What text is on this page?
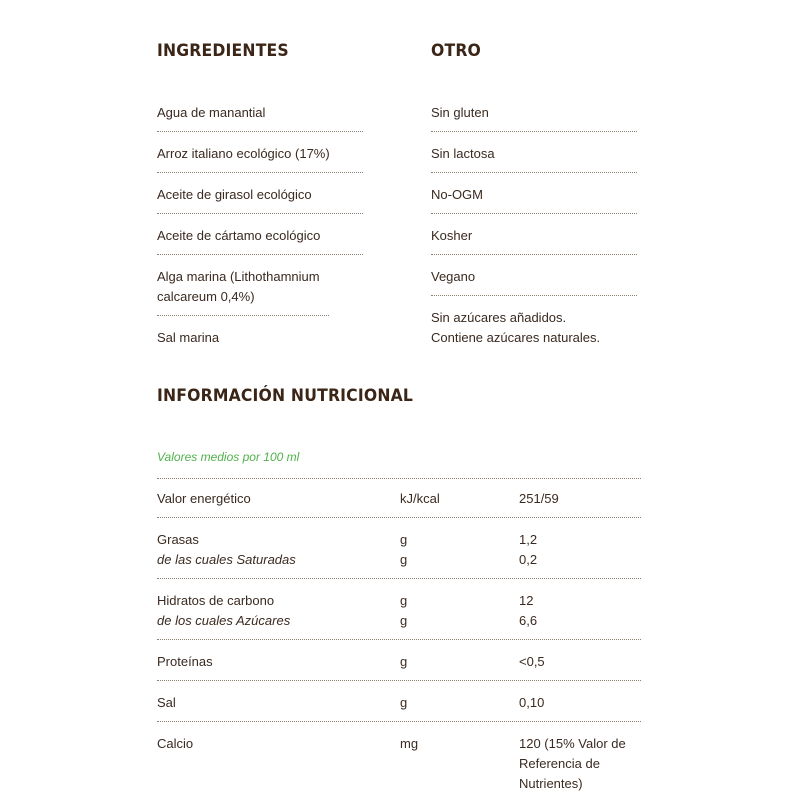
INGREDIENTES	OTRO
Agua de manantial
Arroz italiano ecológico (17%)
Aceite de girasol ecológico
Aceite de cártamo ecológico
Alga marina (Lithothamnium calcareum 0,4%)
Sal marina
Sin gluten
Sin lactosa
No-OGM
Kosher
Vegano
Sin azúcares añadidos. Contiene azúcares naturales.
INFORMACIÓN NUTRICIONAL
Valores medios por 100 ml
Valor energético	kJ/kcal	251/59
Grasas	g	1,2
de las cuales Saturadas	g	0,2
Hidratos de carbono	g	12
de los cuales Azúcares	g	6,6
Proteínas	g	<0,5
Sal	g	0,10
Calcio	mg	120 (15% Valor de Referencia de Nutrientes)
